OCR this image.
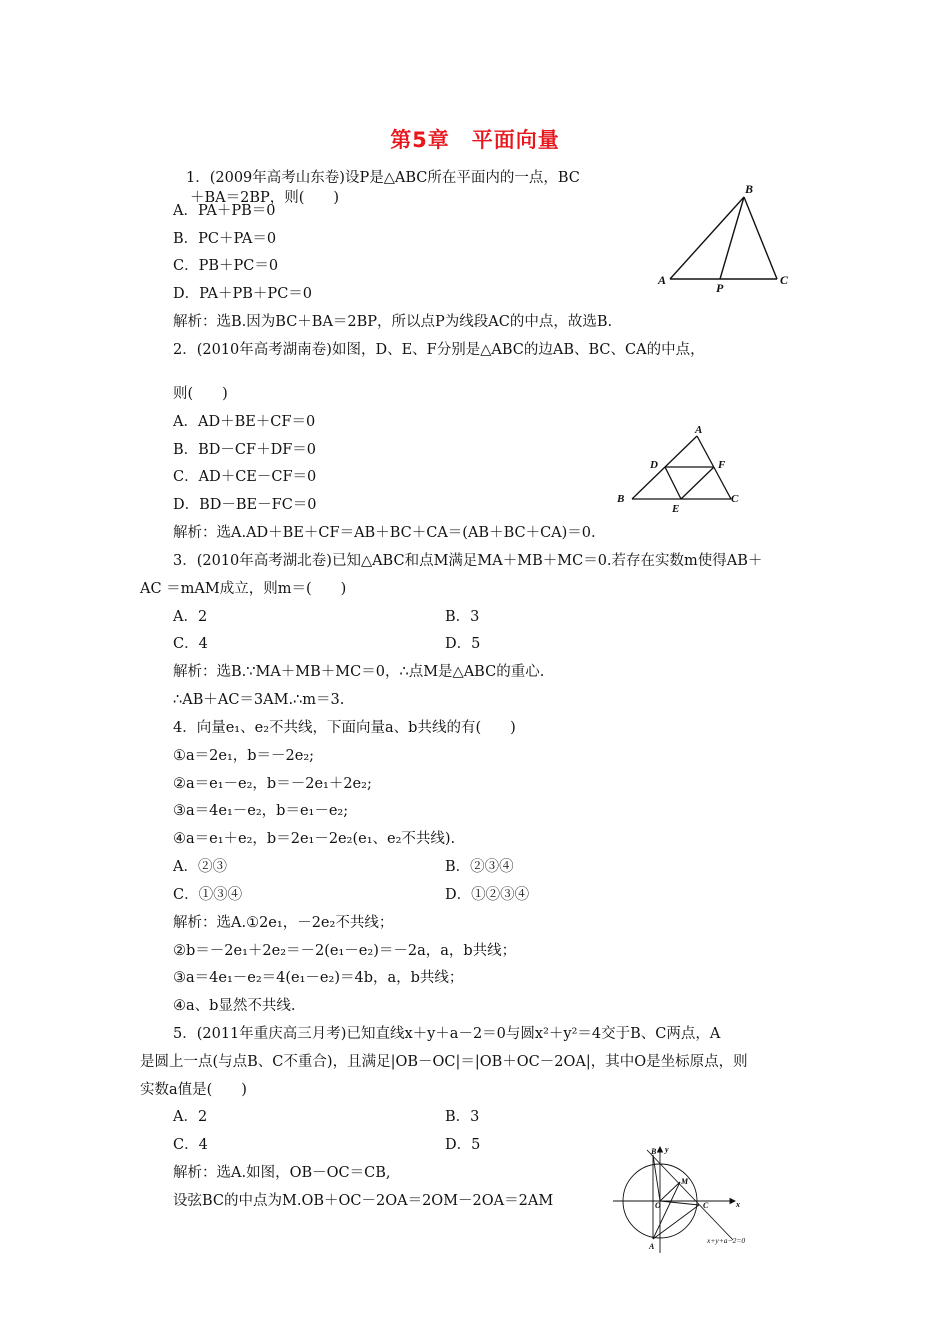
第5章　平面向量
1．(2009年高考山东卷)设P是△ABC所在平面内的一点，BC
＋BA＝2BP，则(　　)
A．PA＋PB＝0
B．PC＋PA＝0
C．PB＋PC＝0
D．PA＋PB＋PC＝0
解析：选B.因为BC＋BA＝2BP，所以点P为线段AC的中点，故选B.
2．(2010年高考湖南卷)如图，D、E、F分别是△ABC的边AB、BC、CA的中点，
则(　　)
A．AD＋BE＋CF＝0
B．BD－CF＋DF＝0
C．AD＋CE－CF＝0
D．BD－BE－FC＝0
解析：选A.AD＋BE＋CF＝AB＋BC＋CA＝(AB＋BC＋CA)＝0.
3．(2010年高考湖北卷)已知△ABC和点M满足MA＋MB＋MC＝0.若存在实数m使得AB＋
AC ＝mAM成立，则m＝(　　)
A．2	B．3
C．4	D．5
解析：选B.∵MA＋MB＋MC＝0，∴点M是△ABC的重心.
∴AB＋AC＝3AM.∴m＝3.
4．向量e₁、e₂不共线，下面向量a、b共线的有(　　)
①a＝2e₁，b＝－2e₂;
②a＝e₁－e₂，b＝－2e₁＋2e₂;
③a＝4e₁－e₂，b＝e₁－e₂;
④a＝e₁＋e₂，b＝2e₁－2e₂(e₁、e₂不共线).
A．②③	B．②③④
C．①③④	D．①②③④
解析：选A.①2e₁，－2e₂不共线；
②b＝－2e₁＋2e₂＝－2(e₁－e₂)＝－2a，a，b共线；
③a＝4e₁－e₂＝4(e₁－e₂)＝4b，a，b共线；
④a、b显然不共线.
5．(2011年重庆高三月考)已知直线x＋y＋a－2＝0与圆x²＋y²＝4交于B、C两点，A
是圆上一点(与点B、C不重合)，且满足|OB－OC|＝|OB＋OC－2OA|，其中O是坐标原点，则
实数a值是(　　)
A．2	B．3
C．4	D．5
解析：选A.如图，OB－OC＝CB,
设弦BC的中点为M.OB＋OC－2OA＝2OM－2OA＝2AM
B
A	C
P
A
B	C
D	F
E
B y
M
O	C	x
A
x+y+a−2=0
